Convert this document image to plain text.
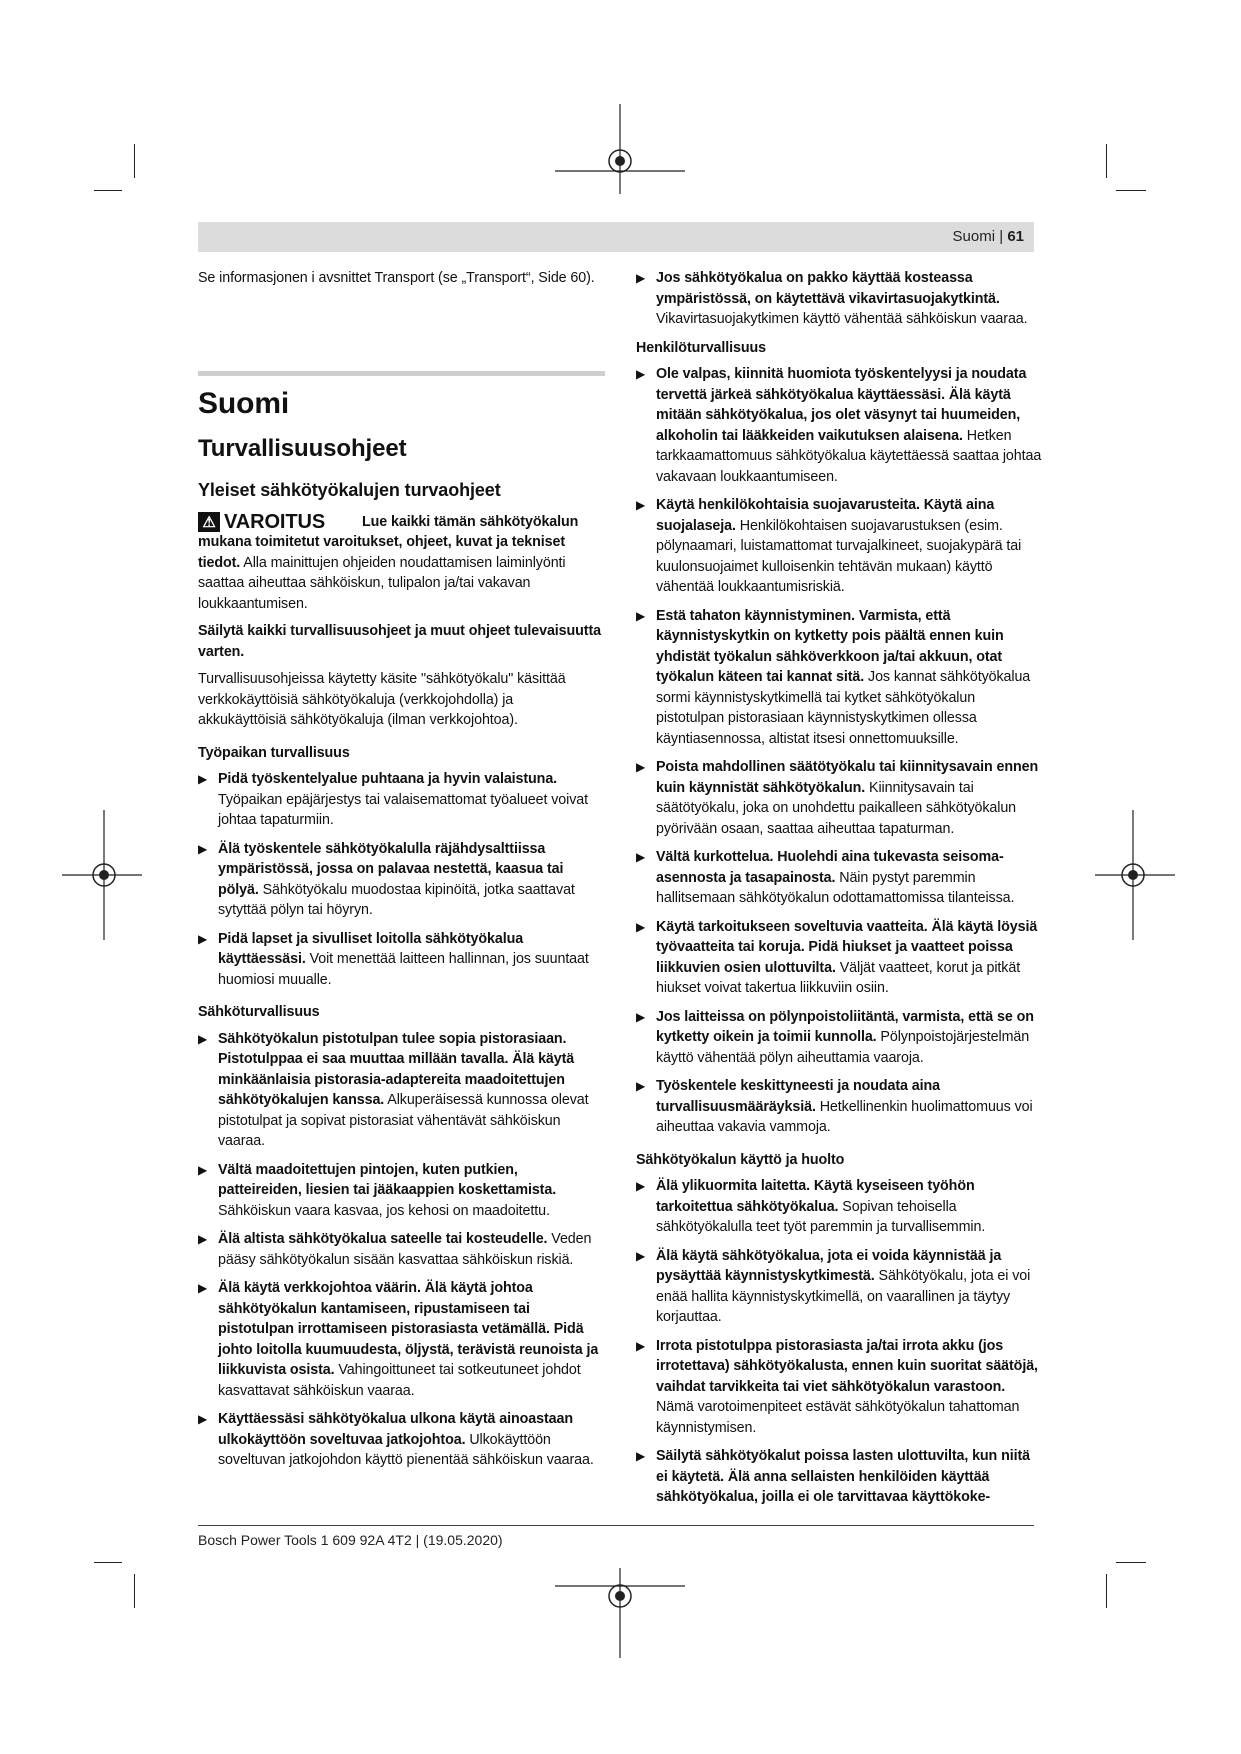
Suomi | 61

Se informasjonen i avsnittet Transport (se „Transport“, Side 60).

Suomi
Turvallisuusohjeet
Yleiset sähkötyökalujen turvaohjeet

⚠ VAROITUS	Lue kaikki tämän sähkötyökalun mukana toimitetut varoitukset, ohjeet, kuvat ja tekniset tiedot. Alla mainittujen ohjeiden noudattamisen laiminlyönti saattaa aiheuttaa sähköiskun, tulipalon ja/tai vakavan loukkaantumisen.

Säilytä kaikki turvallisuusohjeet ja muut ohjeet tulevaisuutta varten.

Turvallisuusohjeissa käytetty käsite "sähkötyökalu" käsittää verkkokäyttöisiä sähkötyökaluja (verkkojohdolla) ja akkukäyttöisiä sähkötyökaluja (ilman verkkojohtoa).

Työpaikan turvallisuus
▶ Pidä työskentelyalue puhtaana ja hyvin valaistuna. Työpaikan epäjärjestys tai valaisemattomat työalueet voivat johtaa tapaturmiin.
▶ Älä työskentele sähkötyökalulla räjähdysalttiissa ympäristössä, jossa on palavaa nestettä, kaasua tai pölyä. Sähkötyökalu muodostaa kipinöitä, jotka saattavat sytyttää pölyn tai höyryn.
▶ Pidä lapset ja sivulliset loitolla sähkötyökalua käyttäessäsi. Voit menettää laitteen hallinnan, jos suuntaat huomiosi muualle.
Sähköturvallisuus
▶ Sähkötyökalun pistotulpan tulee sopia pistorasiaan. Pistotulppaa ei saa muuttaa millään tavalla. Älä käytä minkäänlaisia pistorasia-adaptereita maadoitettujen sähkötyökalujen kanssa. Alkuperäisessä kunnossa olevat pistotulpat ja sopivat pistorasiat vähentävät sähköiskun vaaraa.
▶ Vältä maadoitettujen pintojen, kuten putkien, patteireiden, liesien tai jääkaappien koskettamista. Sähköiskun vaara kasvaa, jos kehosi on maadoitettu.
▶ Älä altista sähkötyökalua sateelle tai kosteudelle. Veden pääsy sähkötyökalun sisään kasvattaa sähköiskun riskiä.
▶ Älä käytä verkkojohtoa väärin. Älä käytä johtoa sähkötyökalun kantamiseen, ripustamiseen tai pistotulpan irrottamiseen pistorasiasta vetämällä. Pidä johto loitolla kuumuudesta, öljystä, terävistä reunoista ja liikkuvista osista. Vahingoittuneet tai sotkeutuneet johdot kasvattavat sähköiskun vaaraa.
▶ Käyttäessäsi sähkötyökalua ulkona käytä ainoastaan ulkokäyttöön soveltuvaa jatkojohtoa. Ulkokäyttöön soveltuvan jatkojohdon käyttö pienentää sähköiskun vaaraa.
▶ Jos sähkötyökalua on pakko käyttää kosteassa ympäristössä, on käytettävä vikavirtasuojakytkintä. Vikavirtasuojakytkimen käyttö vähentää sähköiskun vaaraa.
Henkilöturvallisuus
▶ Ole valpas, kiinnitä huomiota työskentelyysi ja noudata tervettä järkeä sähkötyökalua käyttäessäsi. Älä käytä mitään sähkötyökalua, jos olet väsynyt tai huumeiden, alkoholin tai lääkkeiden vaikutuksen alaisena. Hetken tarkkaamattomuus sähkötyökalua käytettäessä saattaa johtaa vakavaan loukkaantumiseen.
▶ Käytä henkilökohtaisia suojavarusteita. Käytä aina suojalaseja. Henkilökohtaisen suojavarustuksen (esim. pölynaamari, luistamattomat turvajalkineet, suojakypärä tai kuulonsuojaimet kulloisenkin tehtävän mukaan) käyttö vähentää loukkaantumisriskiä.
▶ Estä tahaton käynnistyminen. Varmista, että käynnistyskytkin on kytketty pois päältä ennen kuin yhdistät työkalun sähköverkkoon ja/tai akkuun, otat työkalun käteen tai kannat sitä. Jos kannat sähkötyökalua sormi käynnistyskytkimellä tai kytket sähkötyökalun pistotulpan pistorasiaan käynnistyskytkimen ollessa käyntiasennossa, altistat itsesi onnettomuuksille.
▶ Poista mahdollinen säätötyökalu tai kiinnitysavain ennen kuin käynnistät sähkötyökalun. Kiinnitysavain tai säätötyökalu, joka on unohdettu paikalleen sähkötyökalun pyörivään osaan, saattaa aiheuttaa tapaturman.
▶ Vältä kurkottelua. Huolehdi aina tukevasta seisoma-asennosta ja tasapainosta. Näin pystyt paremmin hallitsemaan sähkötyökalun odottamattomissa tilanteissa.
▶ Käytä tarkoitukseen soveltuvia vaatteita. Älä käytä löysiä työvaatteita tai koruja. Pidä hiukset ja vaatteet poissa liikkuvien osien ulottuvilta. Väljät vaatteet, korut ja pitkät hiukset voivat takertua liikkuviin osiin.
▶ Jos laitteissa on pölynpoistoliitäntä, varmista, että se on kytketty oikein ja toimii kunnolla. Pölynpoistojärjestelmän käyttö vähentää pölyn aiheuttamia vaaroja.
▶ Työskentele keskittyneesti ja noudata aina turvallisuusmääräyksiä. Hetkellinenkin huolimattomuus voi aiheuttaa vakavia vammoja.
Sähkötyökalun käyttö ja huolto
▶ Älä ylikuormita laitetta. Käytä kyseiseen työhön tarkoitettua sähkötyökalua. Sopivan tehoisella sähkötyökalulla teet työt paremmin ja turvallisemmin.
▶ Älä käytä sähkötyökalua, jota ei voida käynnistää ja pysäyttää käynnistyskytkimestä. Sähkötyökalu, jota ei voi enää hallita käynnistyskytkimellä, on vaarallinen ja täytyy korjauttaa.
▶ Irrota pistotulppa pistorasiasta ja/tai irrota akku (jos irrotettava) sähkötyökalusta, ennen kuin suoritat säätöjä, vaihdat tarvikkeita tai viet sähkötyökalun varastoon. Nämä varotoimenpiteet estävät sähkötyökalun tahattoman käynnistymisen.
▶ Säilytä sähkötyökalut poissa lasten ulottuvilta, kun niitä ei käytetä. Älä anna sellaisten henkilöiden käyttää sähkötyökalua, joilla ei ole tarvittavaa käyttökoke-
Bosch Power Tools 1 609 92A 4T2 | (19.05.2020)
